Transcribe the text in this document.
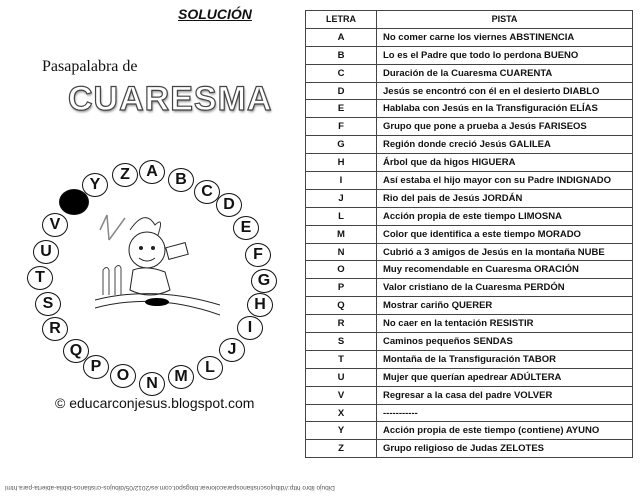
SOLUCIÓN
Pasapalabra de
CUARESMA
Z	A	B
C
D
E
F
G
H
I
J
L
M
N
O
P
Q
R
S
T
U
V
Y
© educarconjesus.blogspot.com
LETRA	PISTA
A	No comer carne los viernes ABSTINENCIA
B	Lo es el Padre que todo lo perdona BUENO
C	Duración de la Cuaresma CUARENTA
D	Jesús se encontró con él en el desierto DIABLO
E	Hablaba con Jesús en la Transfiguración ELÍAS
F	Grupo que pone a prueba a Jesús FARISEOS
G	Región donde creció Jesús GALILEA
H	Árbol que da higos HIGUERA
I	Así estaba el hijo mayor con su Padre INDIGNADO
J	Rio del pais de Jesús JORDÁN
L	Acción propia de este tiempo LIMOSNA
M	Color que identifica a este tiempo MORADO
N	Cubrió a 3 amigos de Jesús en la montaña NUBE
O	Muy recomendable en Cuaresma ORACIÓN
P	Valor cristiano de la Cuaresma PERDÓN
Q	Mostrar cariño QUERER
R	No caer en la tentación RESISTIR
S	Caminos pequeños SENDAS
T	Montaña de la Transfiguración TABOR
U	Mujer que querían apedrear ADÚLTERA
V	Regresar a la casa del padre VOLVER
X	-----------
Y	Acción propia de este tiempo (contiene) AYUNO
Z	Grupo religioso de Judas ZELOTES
Dibujo libro http://dibujoscristianosparacolorear.blogspot.com.es/2012/05/dibujos-cristianos-biblia-abierta-para.html
